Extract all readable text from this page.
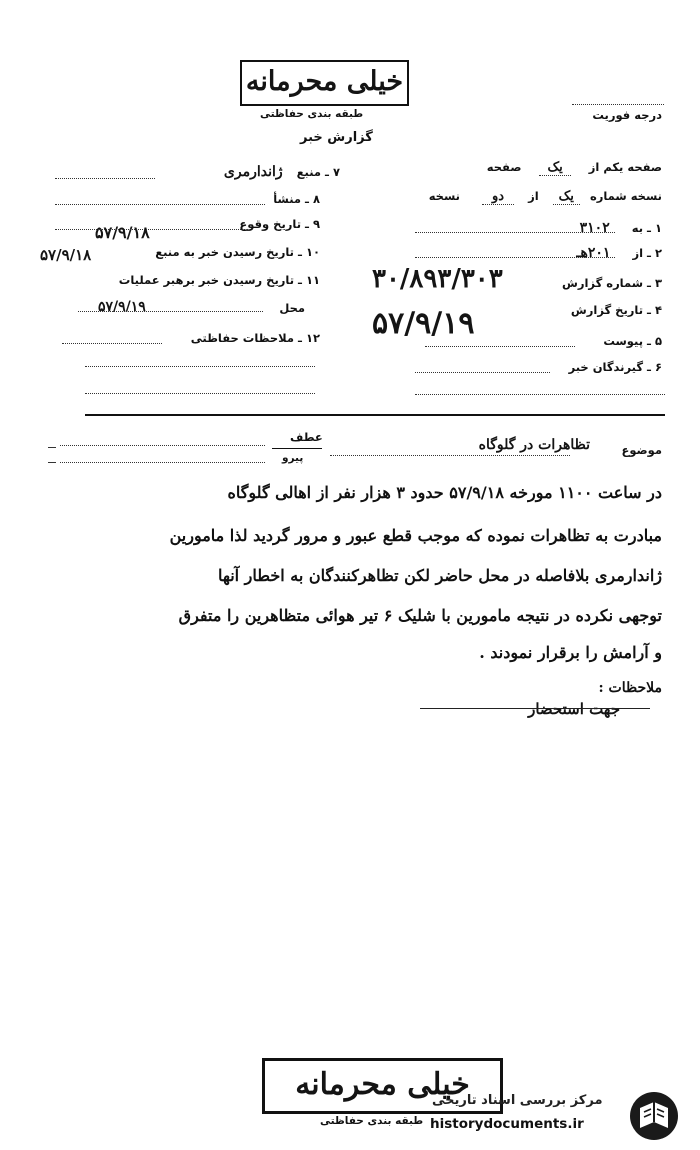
خیلی محرمانه
طبقه بندی حفاظتی	درجه فوریت
گزارش خبر
صفحه یکم از یک صفحه
نسخه شماره یک از دو نسخه
۱ ـ به ۳۱۰۲
۲ ـ از ۲۰۱هـ
۳ ـ شماره گزارش
۳۰/۸۹۳/۳۰۳
۴ ـ تاریخ گزارش
۵۷/۹/۱۹	۵ ـ پیوست
۶ ـ گیرندگان خبر
۷ ـ منبع ژاندارمری
۸ ـ منشأ
۹ ـ تاریخ وقوع
۵۷/۹/۱۸
۱۰ ـ تاریخ رسیدن خبر به منبع
۵۷/۹/۱۸
۱۱ ـ تاریخ رسیدن خبر برهبر عملیات
محل
۵۷/۹/۱۹
۱۲ ـ ملاحظات حفاظتی
عطف
پیرو
موضوع
تظاهرات در گلوگاه
در ساعت ۱۱۰۰ مورخه ۵۷/۹/۱۸ حدود ۳ هزار نفر از اهالی گلوگاه
مبادرت به تظاهرات نموده که موجب قطع عبور و مرور گردید لذا مامورین
ژاندارمری بلافاصله در محل حاضر لکن تظاهرکنندگان به اخطار آنها
توجهی نکرده در نتیجه مامورین با شلیک ۶ تیر هوائی متظاهرین را متفرق
و آرامش را برقرار نمودند .
ملاحظات :
جهت استحضار
خیلی محرمانه
طبقه بندی حفاظتی
مرکز بررسی اسناد تاریخی
historydocuments.ir
